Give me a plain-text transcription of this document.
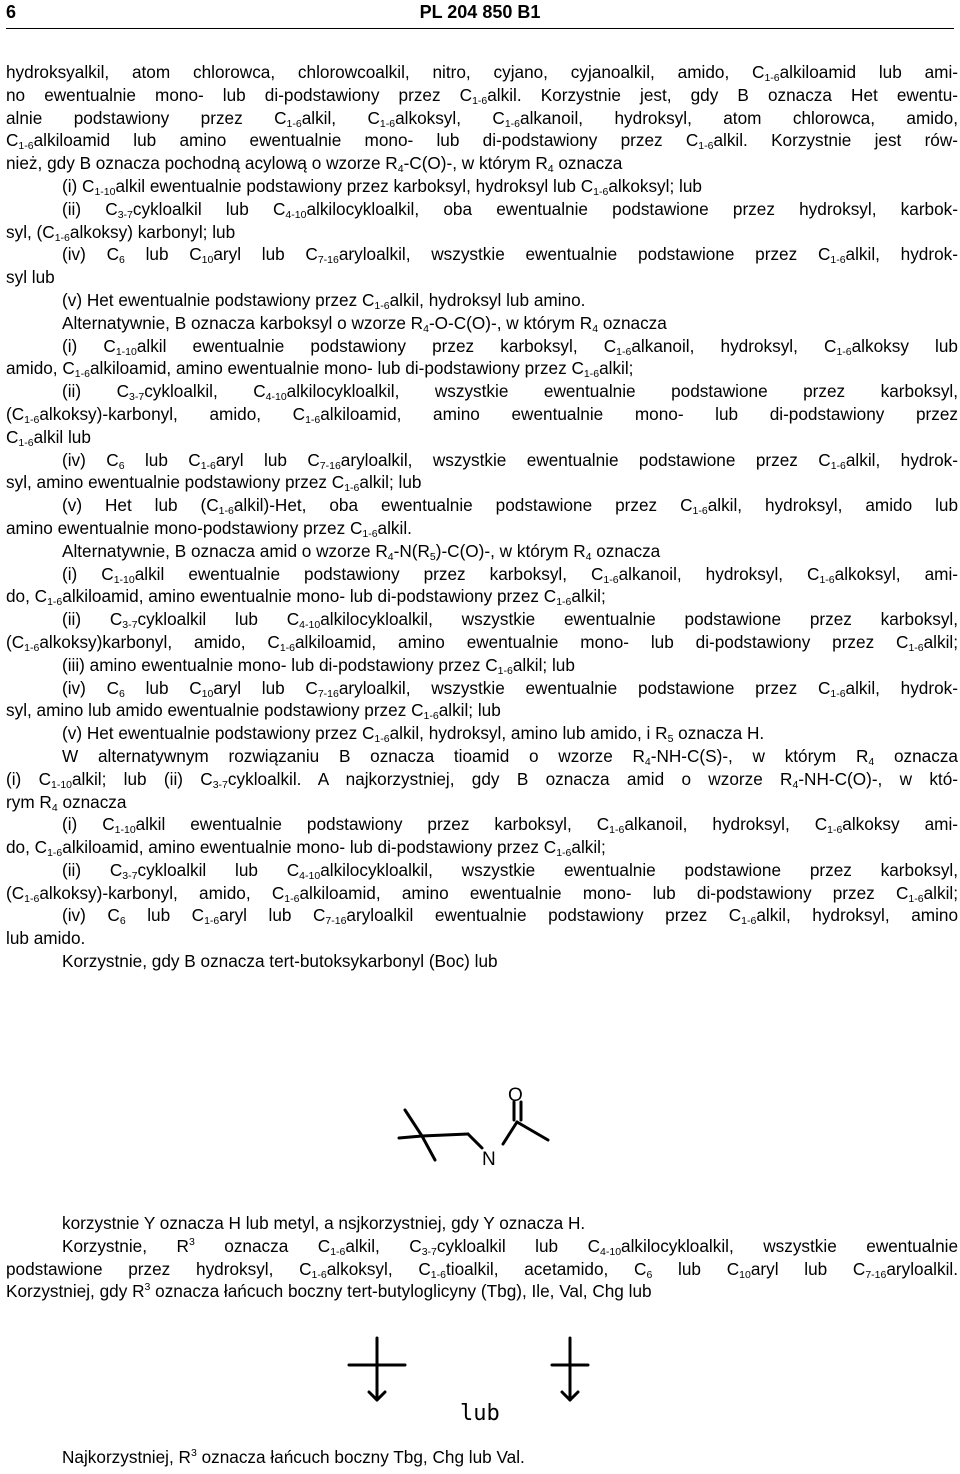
6	PL 204 850 B1
hydroksyalkil, atom chlorowca, chlorowcoalkil, nitro, cyjano, cyjanoalkil, amido, $C_{1-6}alkiloamid$ lub ami-
no ewentualnie mono- lub di-podstawiony przez $C_{1-6}alkil$. Korzystnie jest, gdy B oznacza Het ewentu-
alnie podstawiony przez $C_{1-6}alkil$, $C_{1-6}alkoksyl$, $C_{1-6}alkanoil$, hydroksyl, atom chlorowca, amido,
$C_{1-6}alkiloamid$ lub amino ewentualnie mono- lub di-podstawiony przez $C_{1-6}alkil$. Korzystnie jest rów-
nież, gdy B oznacza pochodną acylową o wzorze $R_4-C(O)-$, w którym $R_4$ oznacza
(i) $C_{1-10}alkil$ ewentualnie podstawiony przez karboksyl, hydroksyl lub $C_{1-6}alkoksyl$; lub
(ii) $C_{3-7}cykloalkil$ lub $C_{4-10}alkilocykloalkil$, oba ewentualnie podstawione przez hydroksyl, karbok-
syl, $(C_{1-6}alkoksy)$ karbonyl; lub
(iv) $C_6$ lub $C_{10}aryl$ lub $C_{7-16}aryloalkil$, wszystkie ewentualnie podstawione przez $C_{1-6}alkil$, hydrok-
syl lub
(v) Het ewentualnie podstawiony przez $C_{1-6}alkil$, hydroksyl lub amino.
Alternatywnie, B oznacza karboksyl o wzorze $R_4-O-C(O)-$, w którym $R_4$ oznacza
(i) $C_{1-10}alkil$ ewentualnie podstawiony przez karboksyl, $C_{1-6}alkanoil$, hydroksyl, $C_{1-6}alkoksy$ lub
amido, $C_{1-6}alkiloamid$, amino ewentualnie mono- lub di-podstawiony przez $C_{1-6}alkil$;
(ii) $C_{3-7}cykloalkil$, $C_{4-10}alkilocykloalkil$, wszystkie ewentualnie podstawione przez karboksyl,
$(C_{1-6}alkoksy)$-karbonyl, amido, $C_{1-6}alkiloamid$, amino ewentualnie mono- lub di-podstawiony przez
$C_{1-6}alkil$ lub
(iv) $C_6$ lub $C_{1-6}aryl$ lub $C_{7-16}aryloalkil$, wszystkie ewentualnie podstawione przez $C_{1-6}alkil$, hydrok-
syl, amino ewentualnie podstawiony przez $C_{1-6}alkil$; lub
(v) Het lub $(C_{1-6}alkil)$-Het, oba ewentualnie podstawione przez $C_{1-6}alkil$, hydroksyl, amido lub
amino ewentualnie mono-podstawiony przez $C_{1-6}alkil$.
Alternatywnie, B oznacza amid o wzorze $R_4-N(R_5)-C(O)-$, w którym $R_4$ oznacza
(i) $C_{1-10}alkil$ ewentualnie podstawiony przez karboksyl, $C_{1-6}alkanoil$, hydroksyl, $C_{1-6}alkoksyl$, ami-
do, $C_{1-6}alkiloamid$, amino ewentualnie mono- lub di-podstawiony przez $C_{1-6}alkil$;
(ii) $C_{3-7}cykloalkil$ lub $C_{4-10}alkilocykloalkil$, wszystkie ewentualnie podstawione przez karboksyl,
$(C_{1-6}alkoksy)karbonyl$, amido, $C_{1-6}alkiloamid$, amino ewentualnie mono- lub di-podstawiony przez $C_{1-6}alkil$;
(iii) amino ewentualnie mono- lub di-podstawiony przez $C_{1-6}alkil$; lub
(iv) $C_6$ lub $C_{10}aryl$ lub $C_{7-16}aryloalkil$, wszystkie ewentualnie podstawione przez $C_{1-6}alkil$, hydrok-
syl, amino lub amido ewentualnie podstawiony przez $C_{1-6}alkil$; lub
(v) Het ewentualnie podstawiony przez $C_{1-6}alkil$, hydroksyl, amino lub amido, i $R_5$ oznacza H.
W alternatywnym rozwiązaniu B oznacza tioamid o wzorze $R_4-NH-C(S)-$, w którym $R_4$ oznacza
(i) $C_{1-10}alkil$; lub (ii) $C_{3-7}cykloalkil$. A najkorzystniej, gdy B oznacza amid o wzorze $R_4-NH-C(O)-$, w któ-
rym $R_4$ oznacza
(i) $C_{1-10}alkil$ ewentualnie podstawiony przez karboksyl, $C_{1-6}alkanoil$, hydroksyl, $C_{1-6}alkoksy$ ami-
do, $C_{1-6}alkiloamid$, amino ewentualnie mono- lub di-podstawiony przez $C_{1-6}alkil$;
(ii) $C_{3-7}cykloalkil$ lub $C_{4-10}alkilocykloalkil$, wszystkie ewentualnie podstawione przez karboksyl,
$(C_{1-6}alkoksy)$-karbonyl, amido, $C_{1-6}alkiloamid$, amino ewentualnie mono- lub di-podstawiony przez $C_{1-6}alkil$;
(iv) $C_6$ lub $C_{1-6}aryl$ lub $C_{7-16}aryloalkil$ ewentualnie podstawiony przez $C_{1-6}alkil$, hydroksyl, amino
lub amido.
Korzystnie, gdy B oznacza tert-butoksykarbonyl (Boc) lub
O
N
korzystnie Y oznacza H lub metyl, a nsjkorzystniej, gdy Y oznacza H.
Korzystnie, $R^3$ oznacza $C_{1-6}alkil$, $C_{3-7}cykloalkil$ lub $C_{4-10}alkilocykloalkil$, wszystkie ewentualnie
podstawione przez hydroksyl, $C_{1-6}alkoksyl$, $C_{1-6}tioalkil$, acetamido, $C_6$ lub $C_{10}aryl$ lub $C_{7-16}aryloalkil$.
Korzystniej, gdy $R^3$ oznacza łańcuch boczny tert-butyloglicyny (Tbg), Ile, Val, Chg lub
lub
Najkorzystniej, $R^3$ oznacza łańcuch boczny Tbg, Chg lub Val.
